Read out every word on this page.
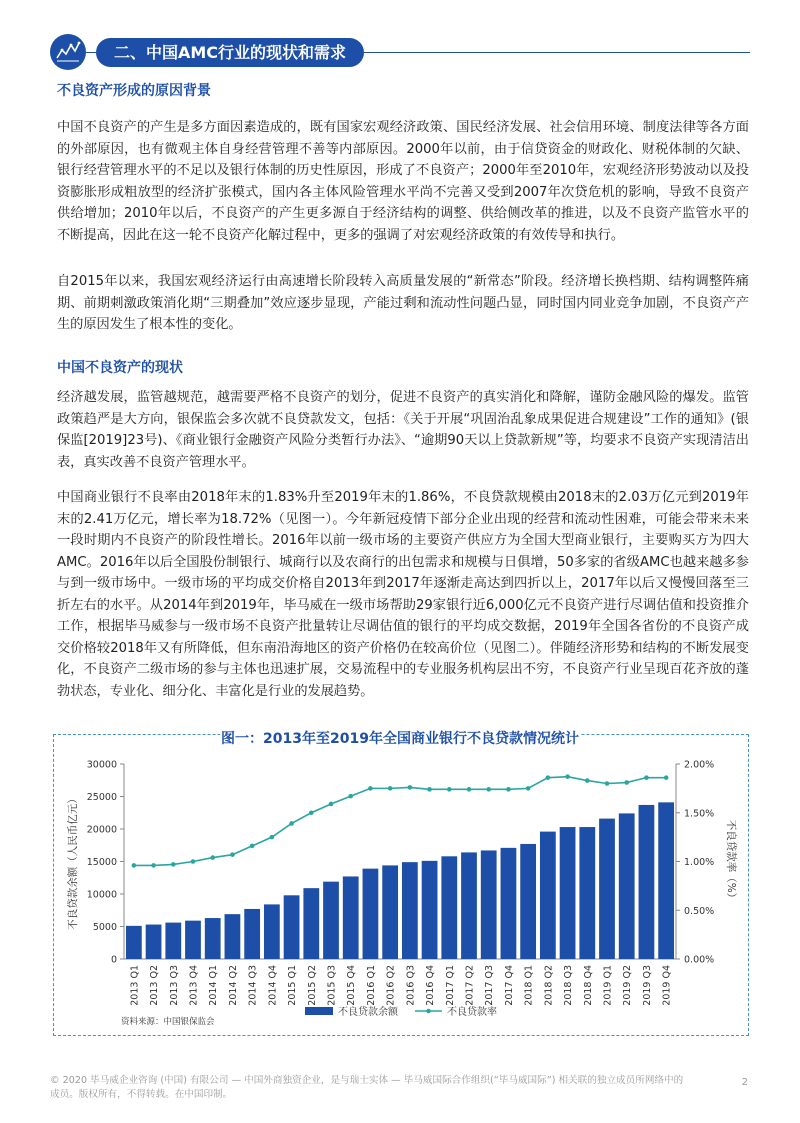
二、中国AMC行业的现状和需求
不良资产形成的原因背景
中国不良资产的产生是多方面因素造成的，既有国家宏观经济政策、国民经济发展、社会信用环境、制度法律等各方面的外部原因，也有微观主体自身经营管理不善等内部原因。2000年以前，由于信贷资金的财政化、财税体制的欠缺、银行经营管理水平的不足以及银行体制的历史性原因，形成了不良资产；2000年至2010年，宏观经济形势波动以及投资膨胀形成粗放型的经济扩张模式，国内各主体风险管理水平尚不完善又受到2007年次贷危机的影响，导致不良资产供给增加；2010年以后，不良资产的产生更多源自于经济结构的调整、供给侧改革的推进，以及不良资产监管水平的不断提高，因此在这一轮不良资产化解过程中，更多的强调了对宏观经济政策的有效传导和执行。
自2015年以来，我国宏观经济运行由高速增长阶段转入高质量发展的“新常态”阶段。经济增长换档期、结构调整阵痛期、前期刺激政策消化期“三期叠加”效应逐步显现，产能过剩和流动性问题凸显，同时国内同业竞争加剧，不良资产产生的原因发生了根本性的变化。
中国不良资产的现状
经济越发展，监管越规范，越需要严格不良资产的划分，促进不良资产的真实消化和降解，谨防金融风险的爆发。监管政策趋严是大方向，银保监会多次就不良贷款发文，包括：《关于开展“巩固治乱象成果促进合规建设”工作的通知》(银保监[2019]23号)、《商业银行金融资产风险分类暂行办法》、“逾期90天以上贷款新规”等，均要求不良资产实现清洁出表，真实改善不良资产管理水平。
中国商业银行不良率由2018年末的1.83%升至2019年末的1.86%，不良贷款规模由2018末的2.03万亿元到2019年末的2.41万亿元，增长率为18.72%（见图一）。今年新冠疫情下部分企业出现的经营和流动性困难，可能会带来未来一段时期内不良资产的阶段性增长。2016年以前一级市场的主要资产供应方为全国大型商业银行，主要购买方为四大AMC。2016年以后全国股份制银行、城商行以及农商行的出包需求和规模与日俱增，50多家的省级AMC也越来越多参与到一级市场中。一级市场的平均成交价格自2013年到2017年逐渐走高达到四折以上，2017年以后又慢慢回落至三折左右的水平。从2014年到2019年，毕马威在一级市场帮助29家银行近6,000亿元不良资产进行尽调估值和投资推介工作，根据毕马威参与一级市场不良资产批量转让尽调估值的银行的平均成交数据，2019年全国各省份的不良资产成交价格较2018年又有所降低，但东南沿海地区的资产价格仍在较高价位（见图二）。伴随经济形势和结构的不断发展变化，不良资产二级市场的参与主体也迅速扩展，交易流程中的专业服务机构层出不穷，不良资产行业呈现百花齐放的蓬勃状态，专业化、细分化、丰富化是行业的发展趋势。
图一：2013年至2019年全国商业银行不良贷款情况统计
0
5000
10000
15000
20000
25000
30000
0.00%
0.50%
1.00%
1.50%
2.00%
2013 Q1 2013 Q2 2013 Q3 2013 Q4 2014 Q1 2014 Q2 2014 Q3 2014 Q4 2015 Q1 2015 Q2 2015 Q3 2015 Q4 2016 Q1 2016 Q2 2016 Q3 2016 Q4 2017 Q1 2017 Q2 2017 Q3 2017 Q4 2018 Q1 2018 Q2 2018 Q3 2018 Q4 2019 Q1 2019 Q2 2019 Q3 2019 Q4
不良贷款余额（人民币亿元）	不良贷款率（%）
不良贷款余额	不良贷款率
资料来源：中国银保监会
© 2020 毕马威企业咨询 (中国) 有限公司 — 中国外商独资企业，是与瑞士实体 — 毕马威国际合作组织(“毕马威国际”) 相关联的独立成员所网络中的成员。版权所有，不得转载。在中国印制。
2
